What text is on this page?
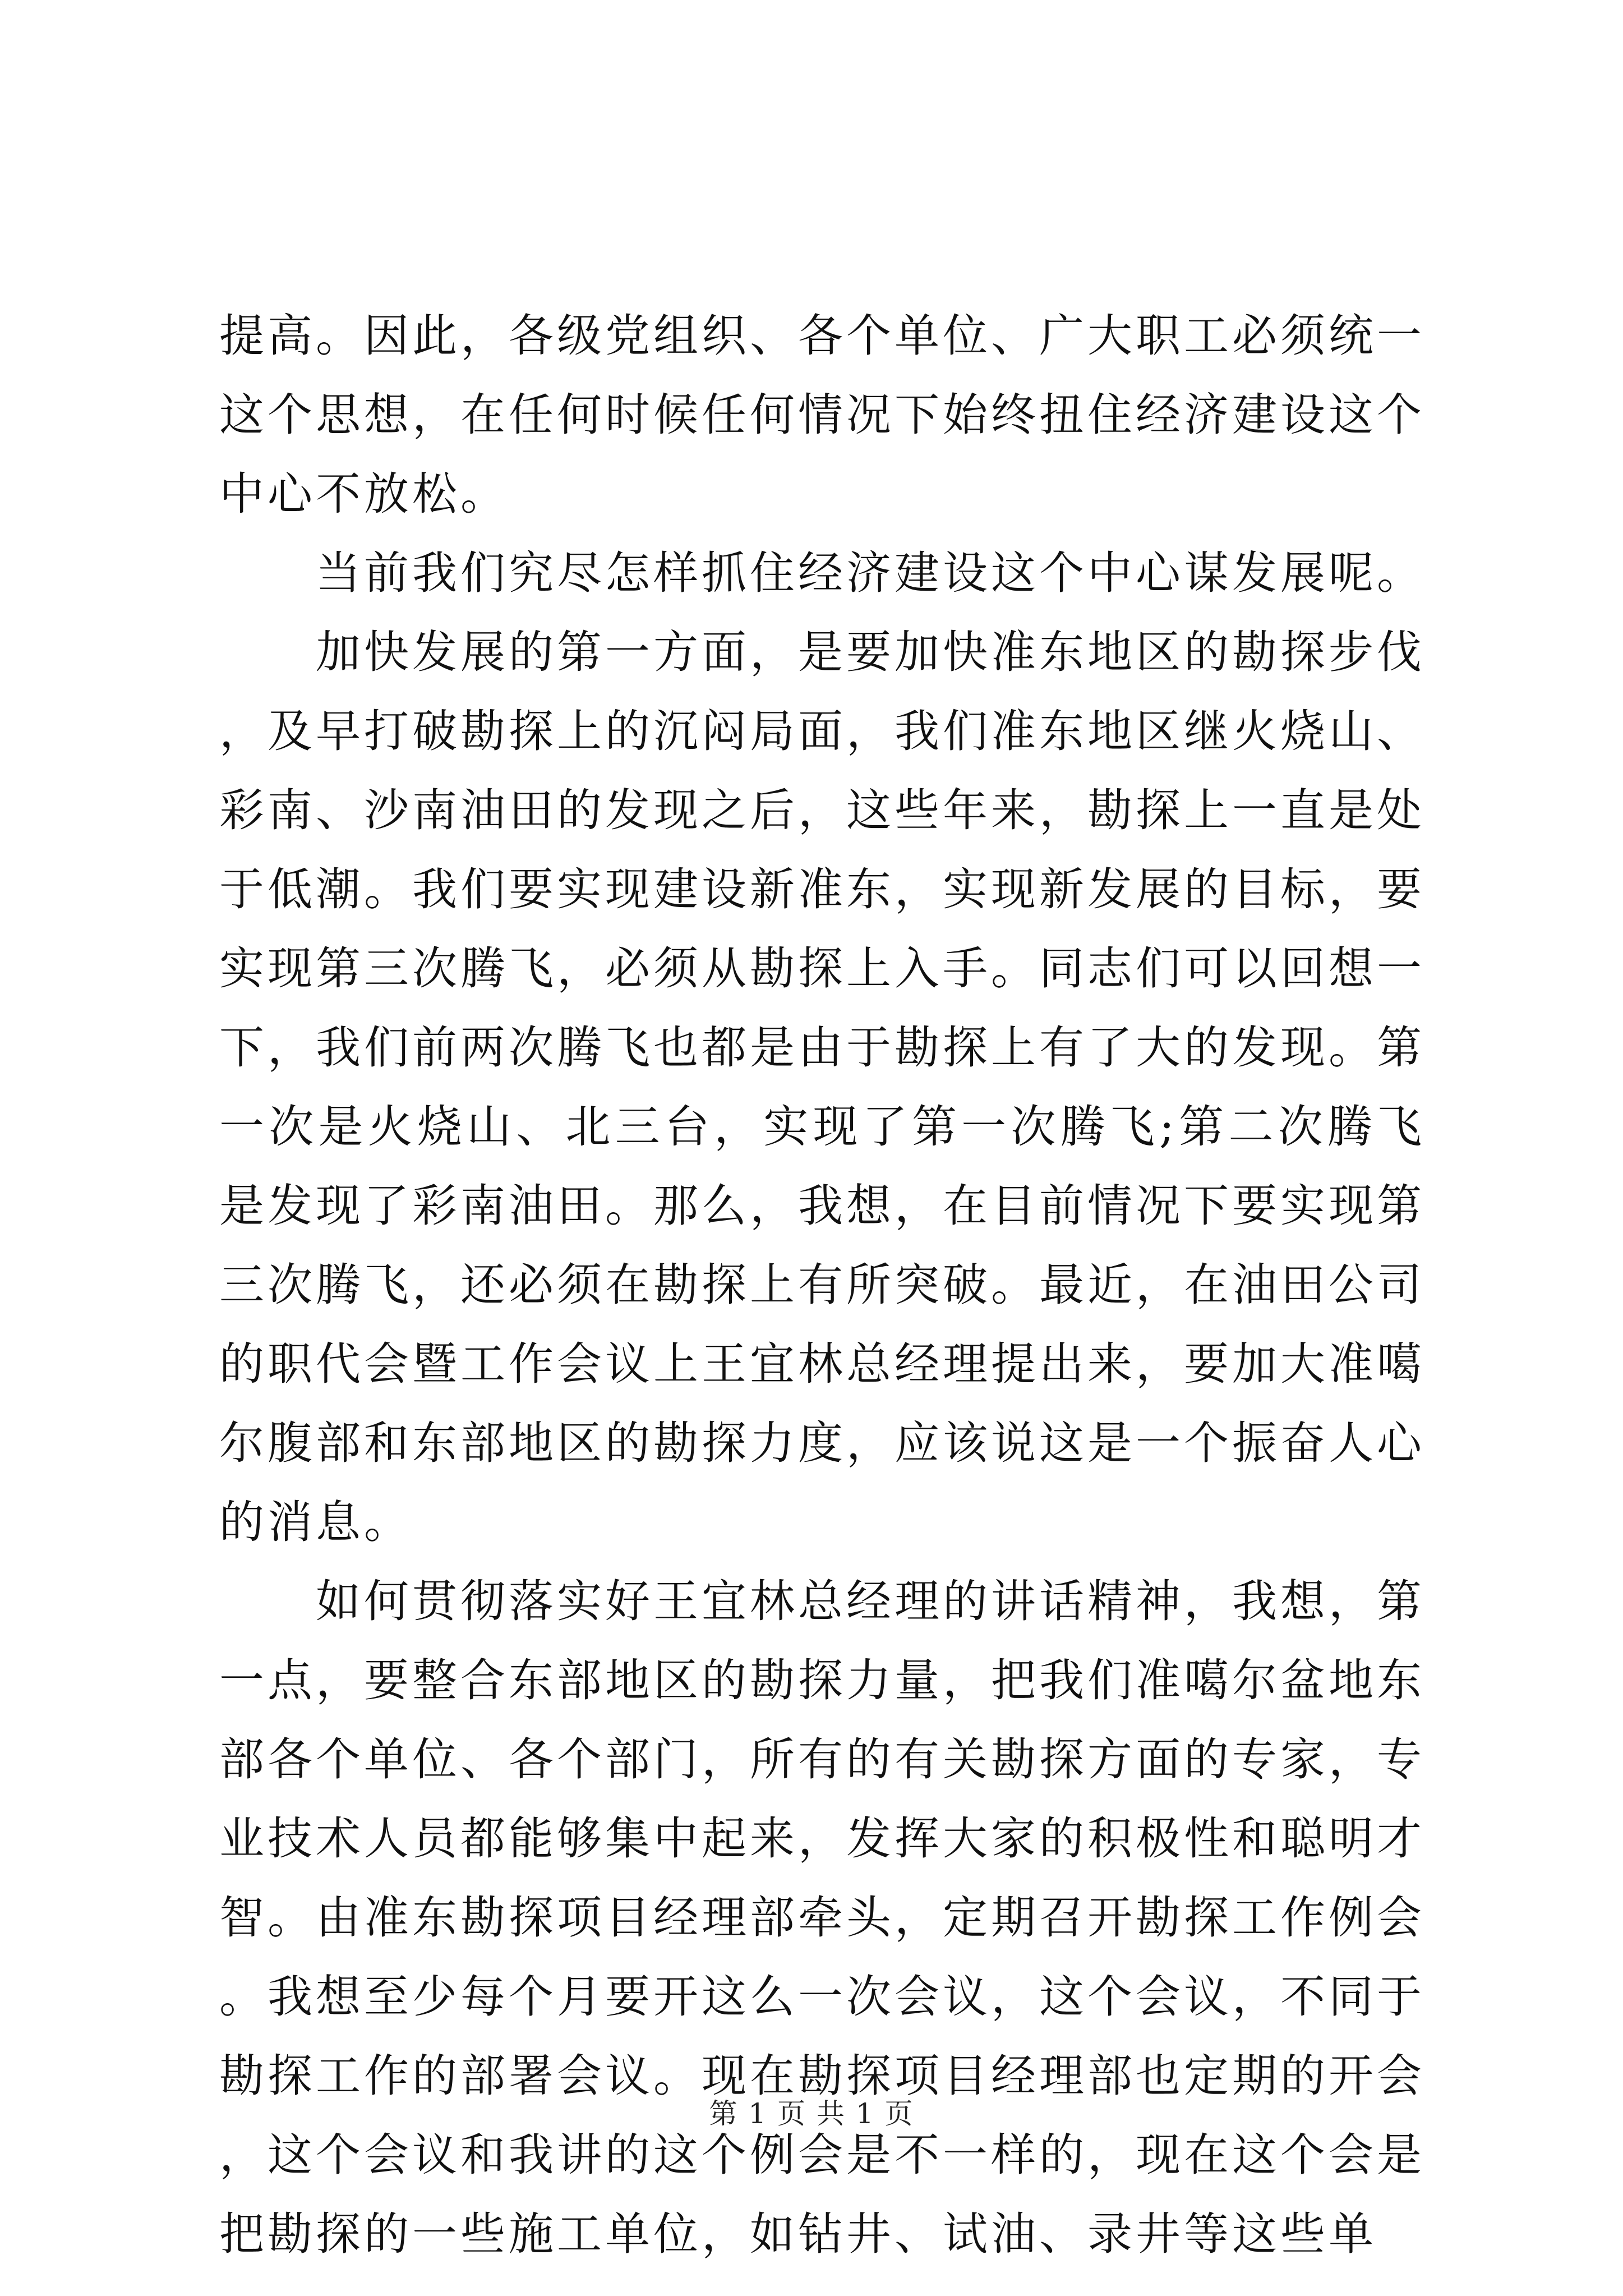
提高。因此，各级党组织、各个单位、广大职工必须统一这个思想，在任何时候任何情况下始终扭住经济建设这个中心不放松。

当前我们究尽怎样抓住经济建设这个中心谋发展呢。

加快发展的第一方面，是要加快准东地区的勘探步伐，及早打破勘探上的沉闷局面，我们准东地区继火烧山、彩南、沙南油田的发现之后，这些年来，勘探上一直是处于低潮。我们要实现建设新准东，实现新发展的目标，要实现第三次腾飞，必须从勘探上入手。同志们可以回想一下，我们前两次腾飞也都是由于勘探上有了大的发现。第一次是火烧山、北三台，实现了第一次腾飞;第二次腾飞是发现了彩南油田。那么，我想，在目前情况下要实现第三次腾飞，还必须在勘探上有所突破。最近，在油田公司的职代会暨工作会议上王宜林总经理提出来，要加大准噶尔腹部和东部地区的勘探力度，应该说这是一个振奋人心的消息。

如何贯彻落实好王宜林总经理的讲话精神，我想，第一点，要整合东部地区的勘探力量，把我们准噶尔盆地东部各个单位、各个部门，所有的有关勘探方面的专家，专业技术人员都能够集中起来，发挥大家的积极性和聪明才智。由准东勘探项目经理部牵头，定期召开勘探工作例会。我想至少每个月要开这么一次会议，这个会议，不同于勘探工作的部署会议。现在勘探项目经理部也定期的开会，这个会议和我讲的这个例会是不一样的，现在这个会是把勘探的一些施工单位，如钻井、试油、录井等这些单

第 1 页 共 1 页
